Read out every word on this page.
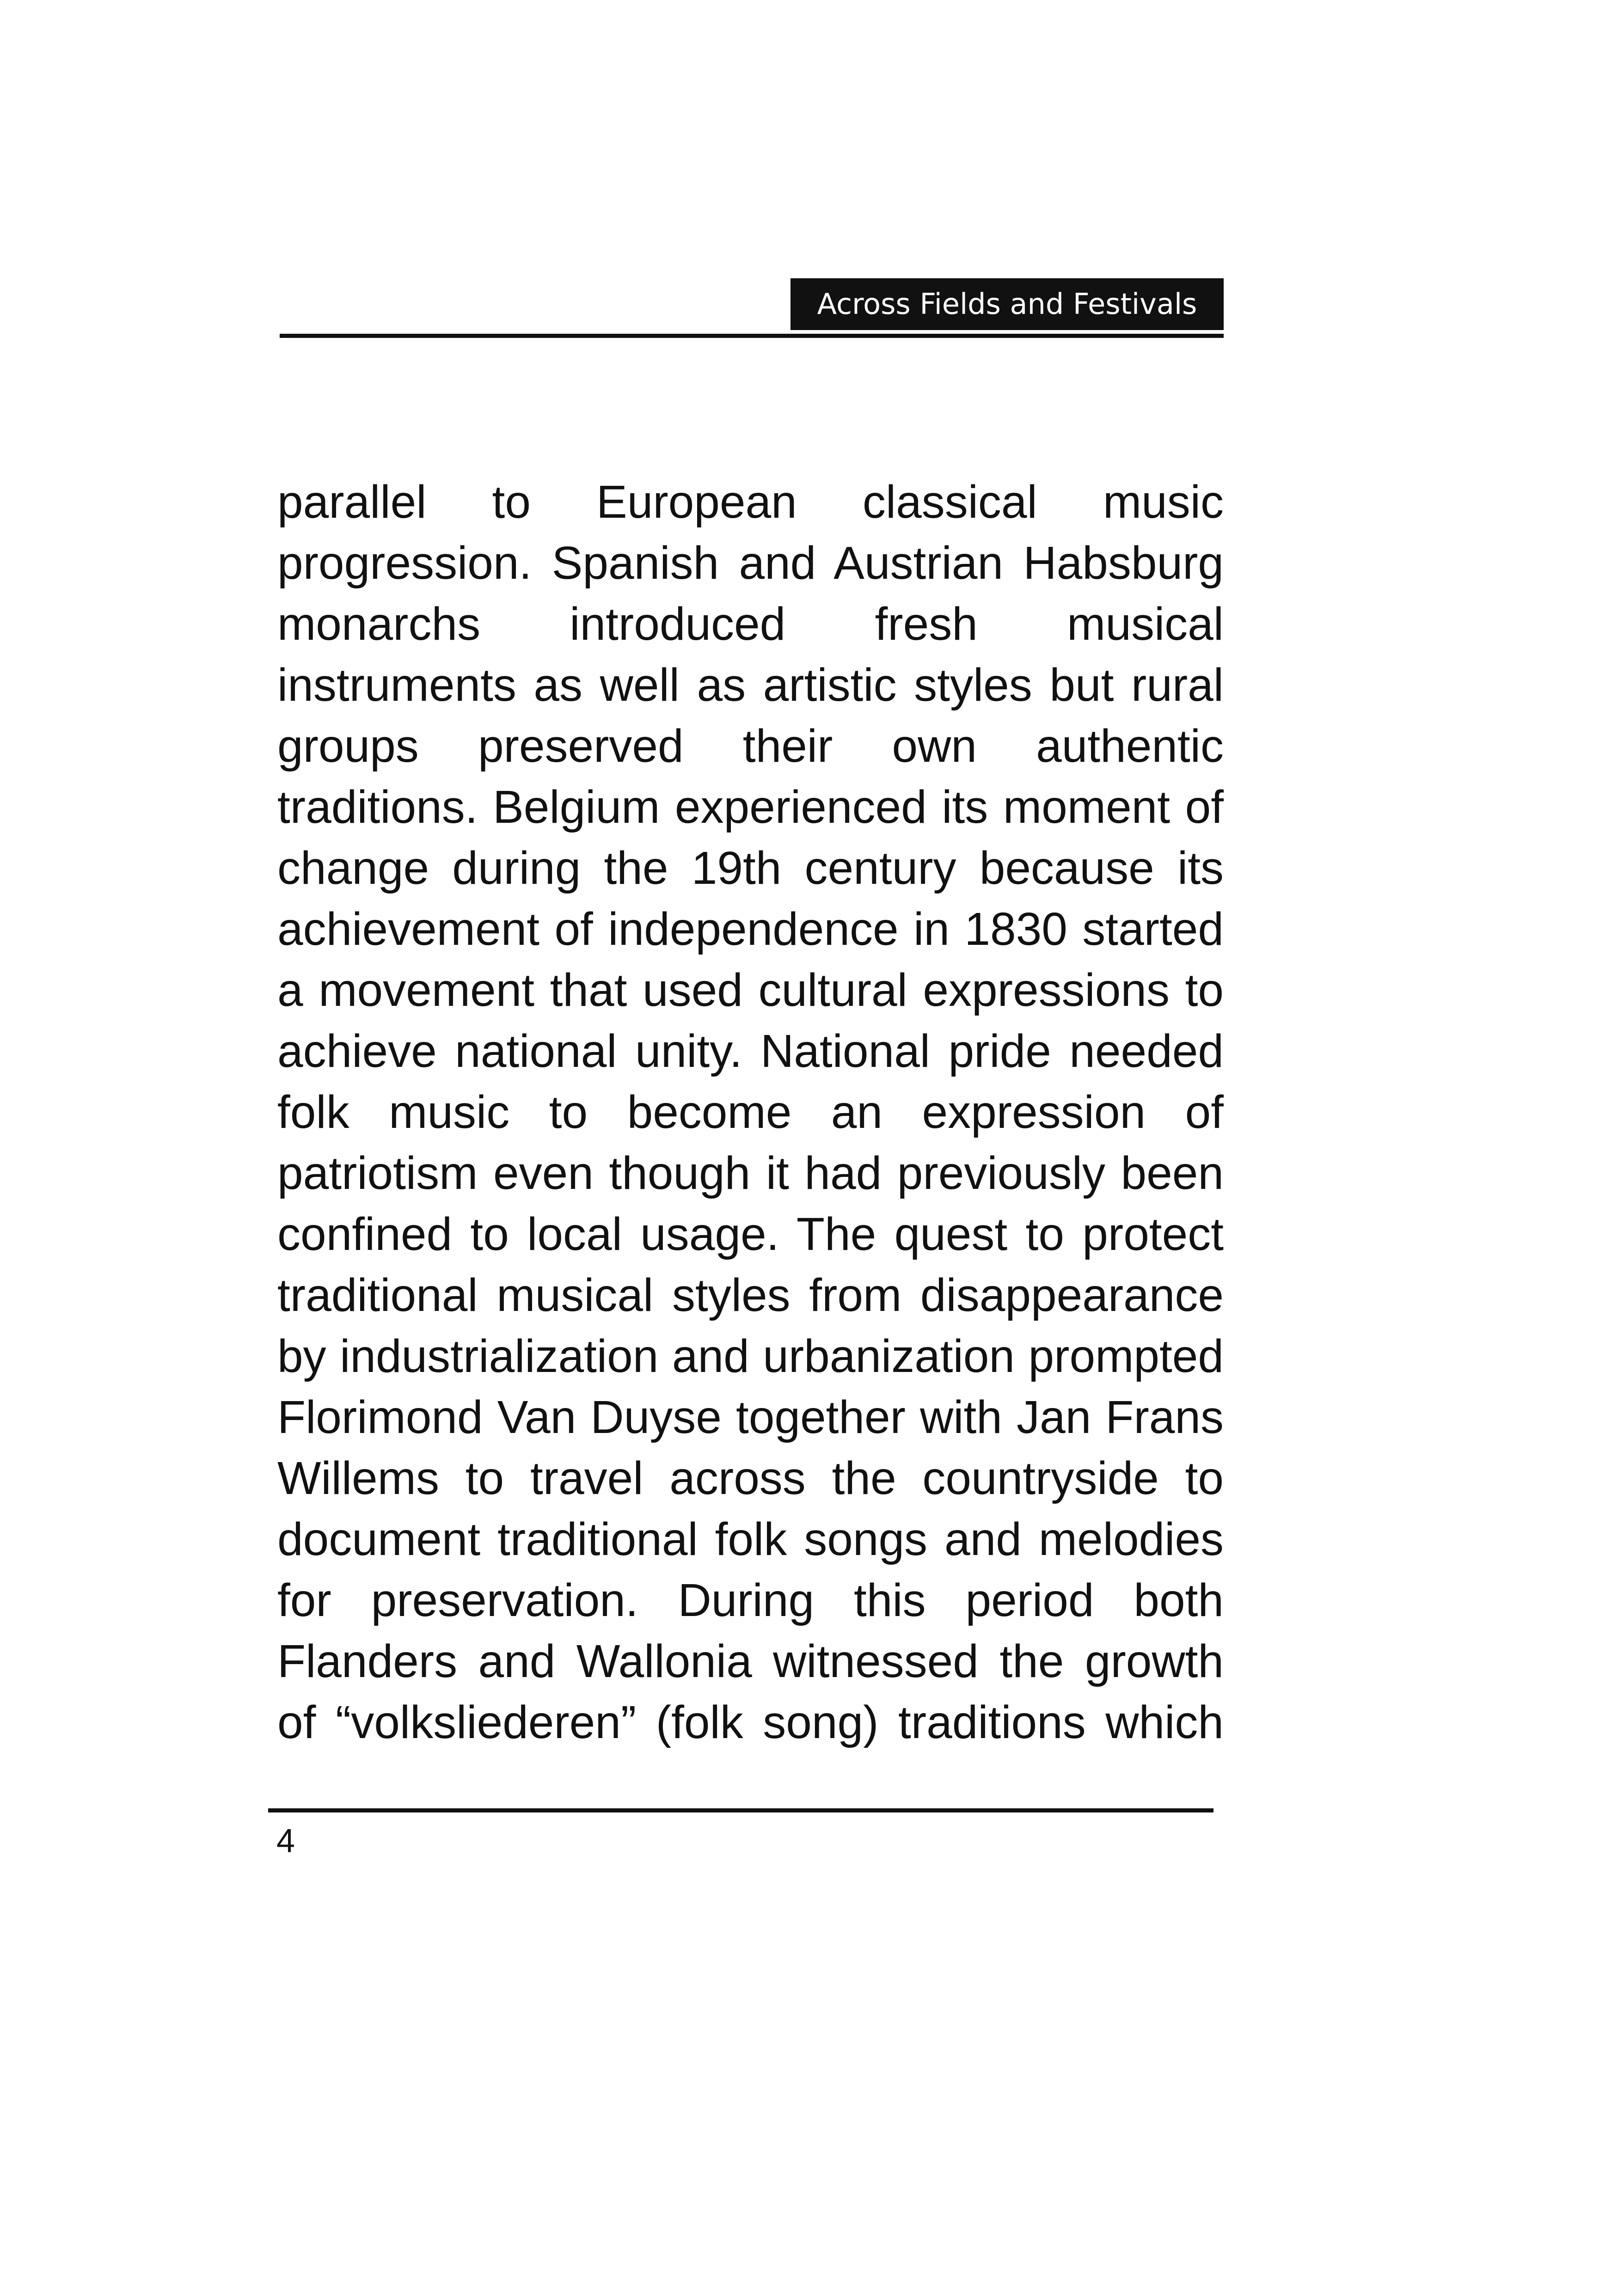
Across Fields and Festivals
parallel to European classical music
progression. Spanish and Austrian Habsburg
monarchs introduced fresh musical
instruments as well as artistic styles but rural
groups preserved their own authentic
traditions. Belgium experienced its moment of
change during the 19th century because its
achievement of independence in 1830 started
a movement that used cultural expressions to
achieve national unity. National pride needed
folk music to become an expression of
patriotism even though it had previously been
confined to local usage. The quest to protect
traditional musical styles from disappearance
by industrialization and urbanization prompted
Florimond Van Duyse together with Jan Frans
Willems to travel across the countryside to
document traditional folk songs and melodies
for preservation. During this period both
Flanders and Wallonia witnessed the growth
of “volksliederen” (folk song) traditions which
4
